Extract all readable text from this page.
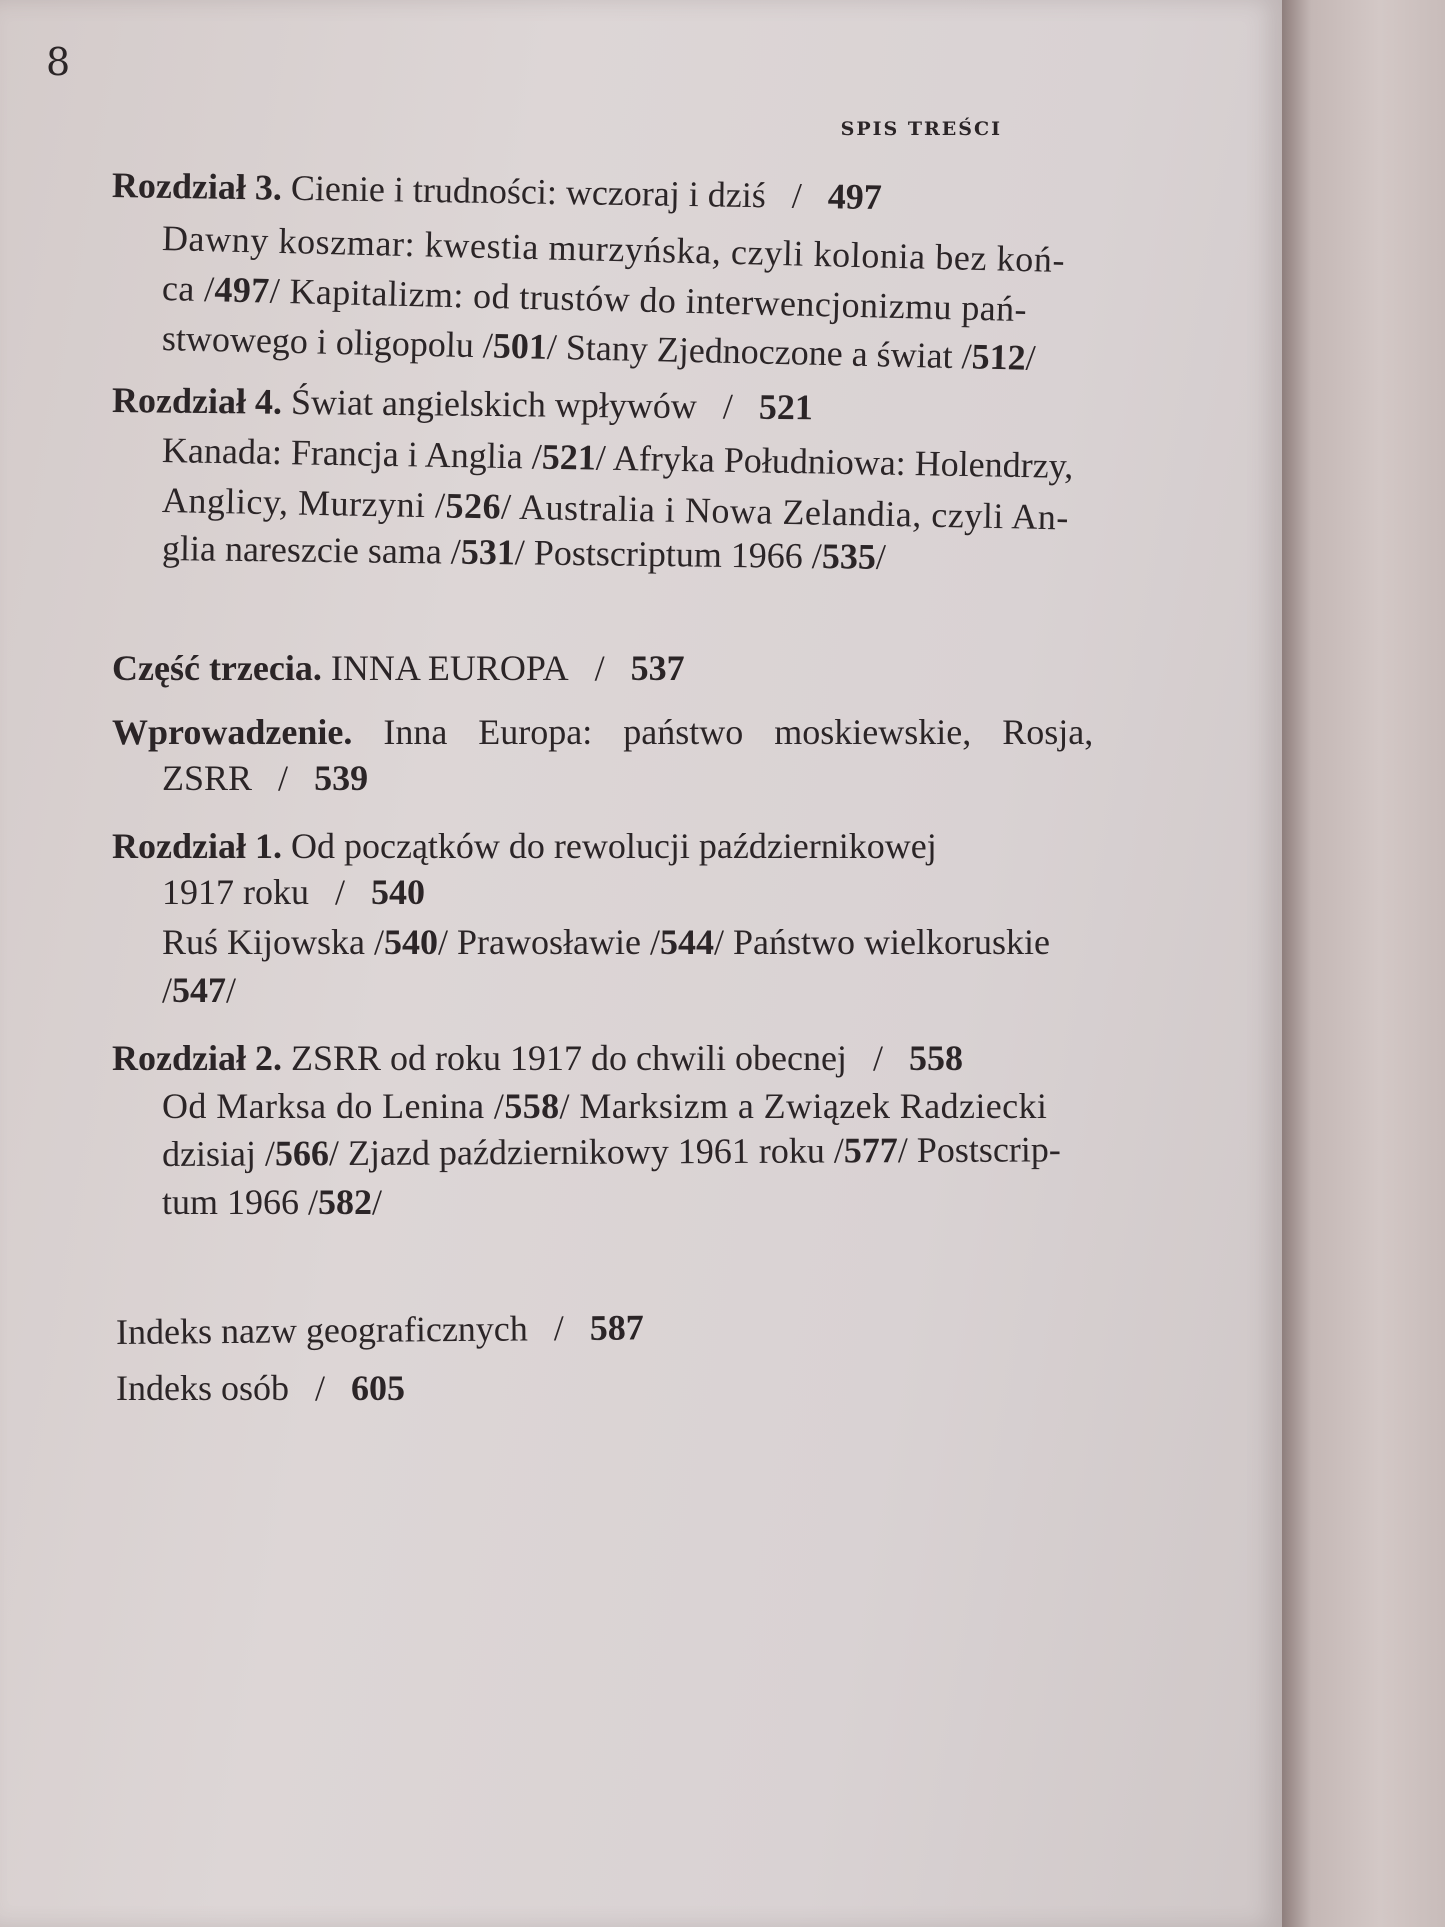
8
SPIS TREŚCI
Rozdział 3. Cienie i trudności: wczoraj i dziś / 497
Dawny koszmar: kwestia murzyńska, czyli kolonia bez koń-
ca /497/ Kapitalizm: od trustów do interwencjonizmu pań-
stwowego i oligopolu /501/ Stany Zjednoczone a świat /512/
Rozdział 4. Świat angielskich wpływów / 521
Kanada: Francja i Anglia /521/ Afryka Południowa: Holendrzy,
Anglicy, Murzyni /526/ Australia i Nowa Zelandia, czyli An-
glia nareszcie sama /531/ Postscriptum 1966 /535/
Część trzecia. INNA EUROPA / 537
Wprowadzenie. Inna Europa: państwo moskiewskie, Rosja,
ZSRR / 539
Rozdział 1. Od początków do rewolucji październikowej
1917 roku / 540
Ruś Kijowska /540/ Prawosławie /544/ Państwo wielkoruskie
/547/
Rozdział 2. ZSRR od roku 1917 do chwili obecnej / 558
Od Marksa do Lenina /558/ Marksizm a Związek Radziecki
dzisiaj /566/ Zjazd październikowy 1961 roku /577/ Postscrip-
tum 1966 /582/
Indeks nazw geograficznych / 587
Indeks osób / 605
